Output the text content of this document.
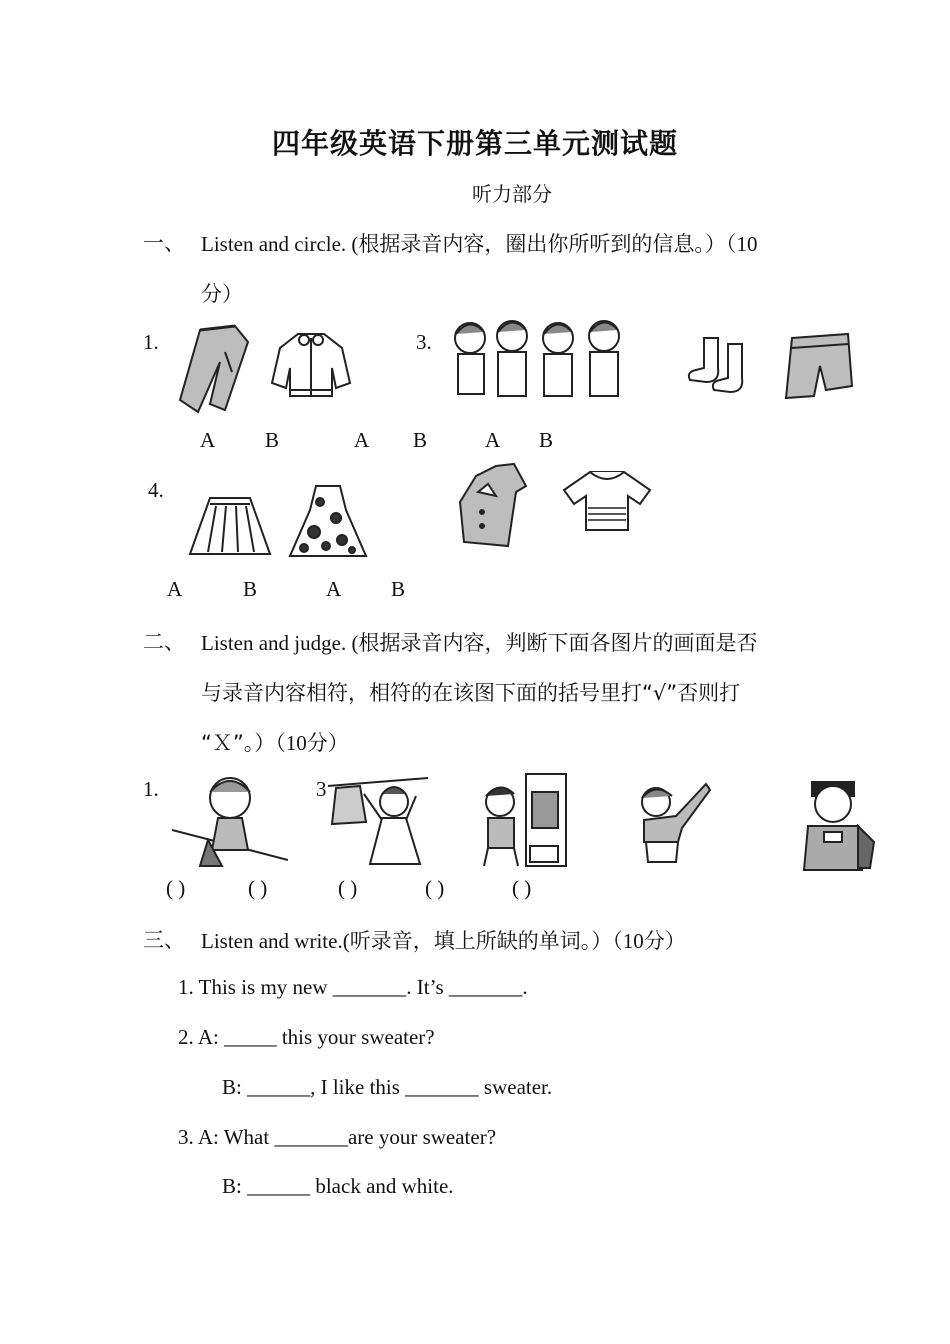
四年级英语下册第三单元测试题
听力部分
一、 Listen and circle. (根据录音内容，圈出你所听到的信息。）（10
分）
1.	3.
A B	A B	A B
4.
A	B	A B
二、 Listen and judge. (根据录音内容，判断下面各图片的画面是否
与录音内容相符，相符的在该图下面的括号里打“√”否则打
“Ｘ”。）（10分）
1.	3
( )	( )	( )	( )	( )
三、 Listen and write.(听录音，填上所缺的单词。）（10分）
1. This is my new _______. It’s _______.
2. A: _____ this your sweater?
B: ______, I like this _______ sweater.
3. A: What _______are your sweater?
B: ______ black and white.
